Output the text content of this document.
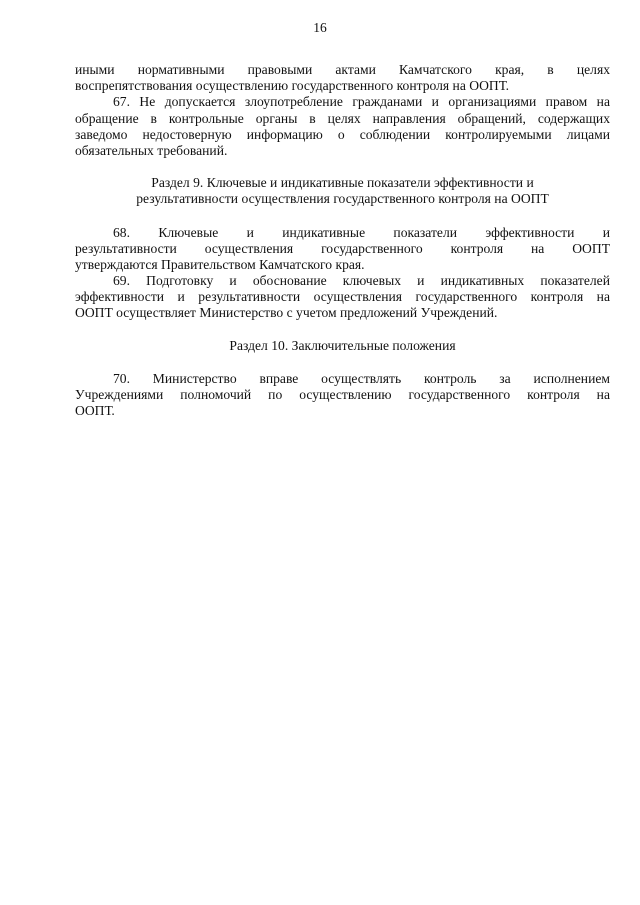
16
иными нормативными правовыми актами Камчатского края, в целях
воспрепятствования осуществлению государственного контроля на ООПТ.
67. Не допускается злоупотребление гражданами и организациями правом на
обращение в контрольные органы в целях направления обращений, содержащих
заведомо недостоверную информацию о соблюдении контролируемыми лицами
обязательных требований.
Раздел 9. Ключевые и индикативные показатели эффективности и
результативности осуществления государственного контроля на ООПТ
68. Ключевые и индикативные показатели эффективности и
результативности осуществления государственного контроля на ООПТ
утверждаются Правительством Камчатского края.
69. Подготовку и обоснование ключевых и индикативных показателей
эффективности и результативности осуществления государственного контроля на
ООПТ осуществляет Министерство с учетом предложений Учреждений.
Раздел 10. Заключительные положения
70. Министерство вправе осуществлять контроль за исполнением
Учреждениями полномочий по осуществлению государственного контроля на
ООПТ.
